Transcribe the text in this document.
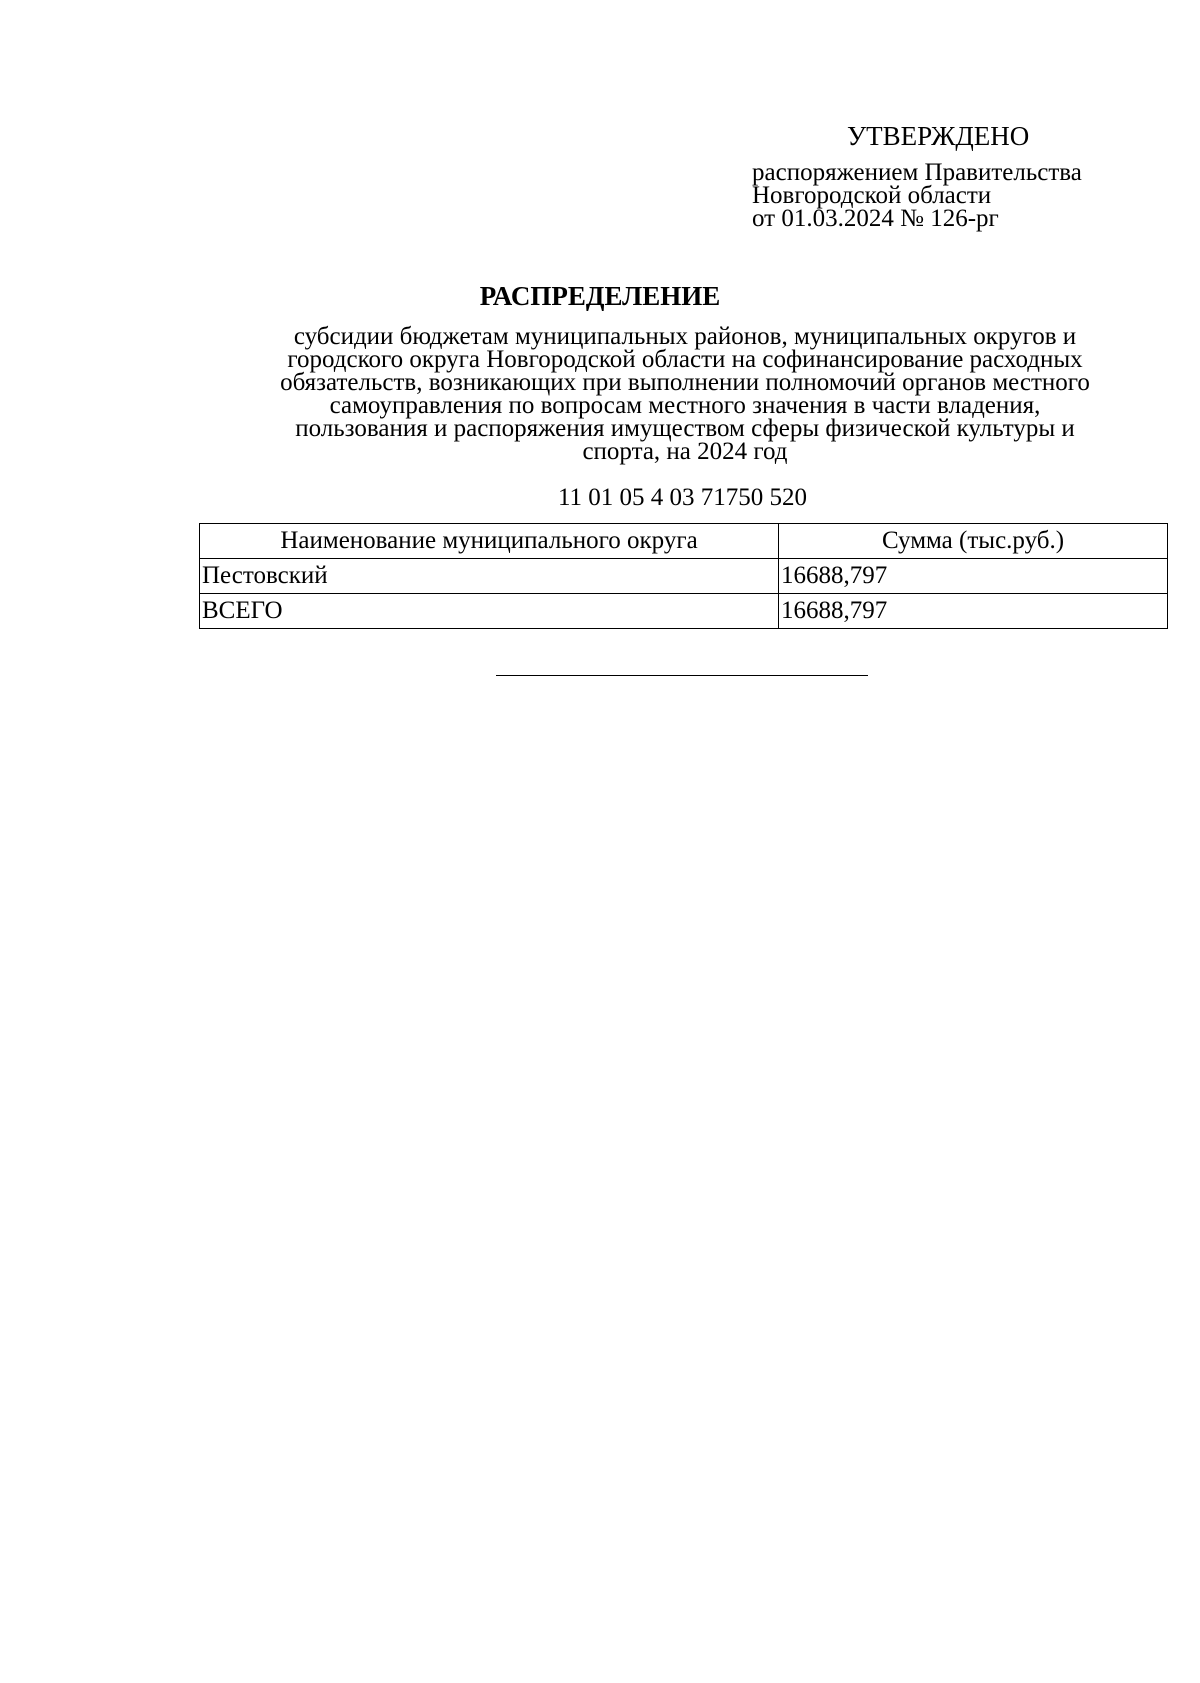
УТВЕРЖДЕНО

распоряжением Правительства

Новгородской области

от 01.03.2024 № 126-рг

РАСПРЕДЕЛЕНИЕ

субсидии бюджетам муниципальных районов, муниципальных округов и
городского округа Новгородской области на софинансирование расходных
обязательств, возникающих при выполнении полномочий органов местного
самоуправления по вопросам местного значения в части владения,
пользования и распоряжения имуществом сферы физической культуры и
спорта, на 2024 год

11 01 05 4 03 71750 520

Наименование муниципального округа	Сумма (тыс.руб.)
Пестовский	16688,797
ВСЕГО	16688,797
